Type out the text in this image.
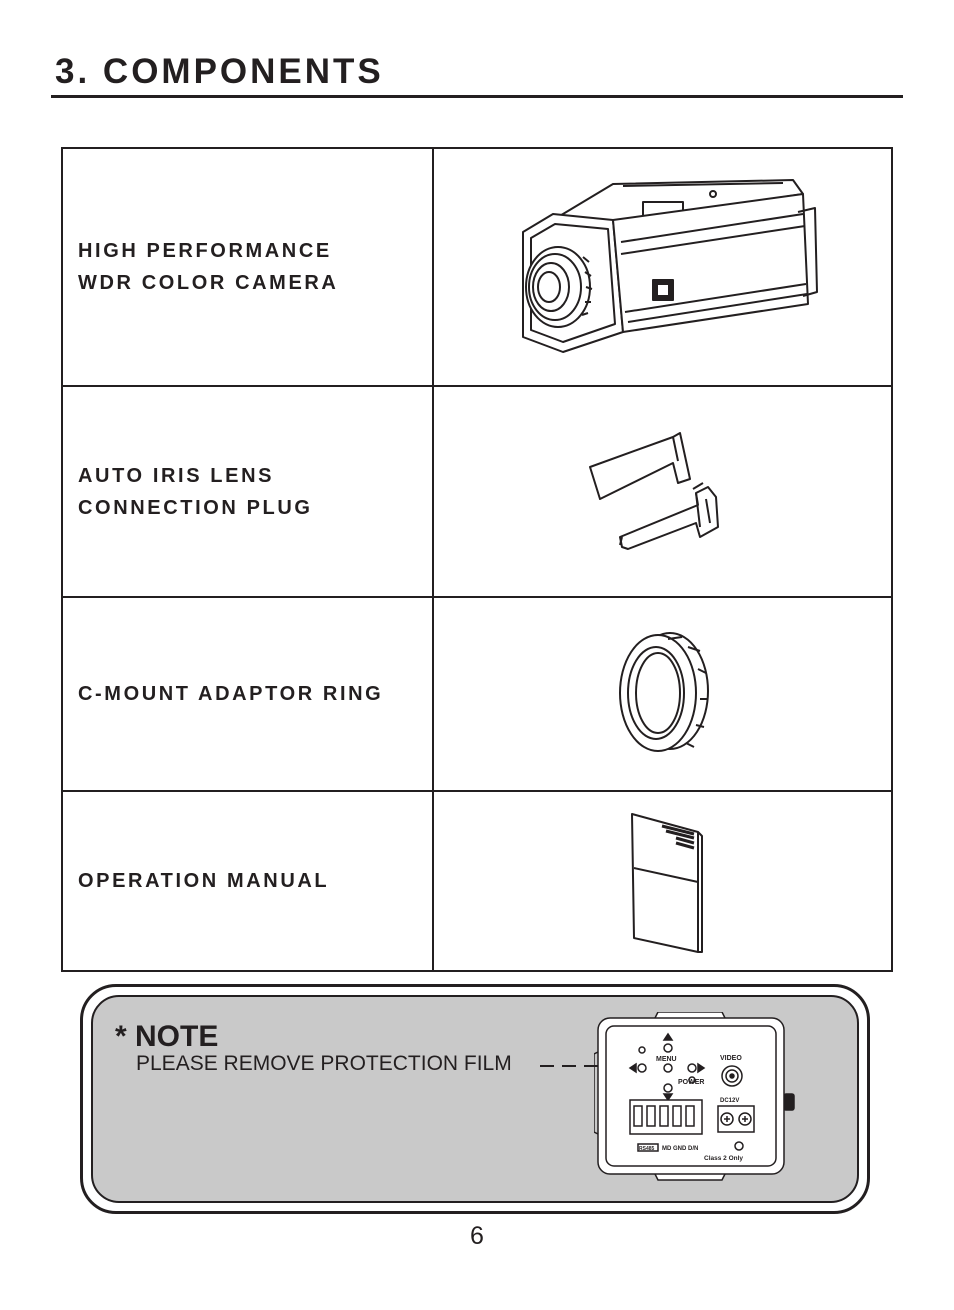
3. COMPONENTS
HIGH PERFORMANCE
WDR COLOR CAMERA

AUTO IRIS LENS
CONNECTION PLUG

C-MOUNT ADAPTOR RING

OPERATION MANUAL

* NOTE
PLEASE REMOVE PROTECTION FILM	MENU
POWER
VIDEO
DC12V
RS485 MD GND D/N
Class 2 Only
6
